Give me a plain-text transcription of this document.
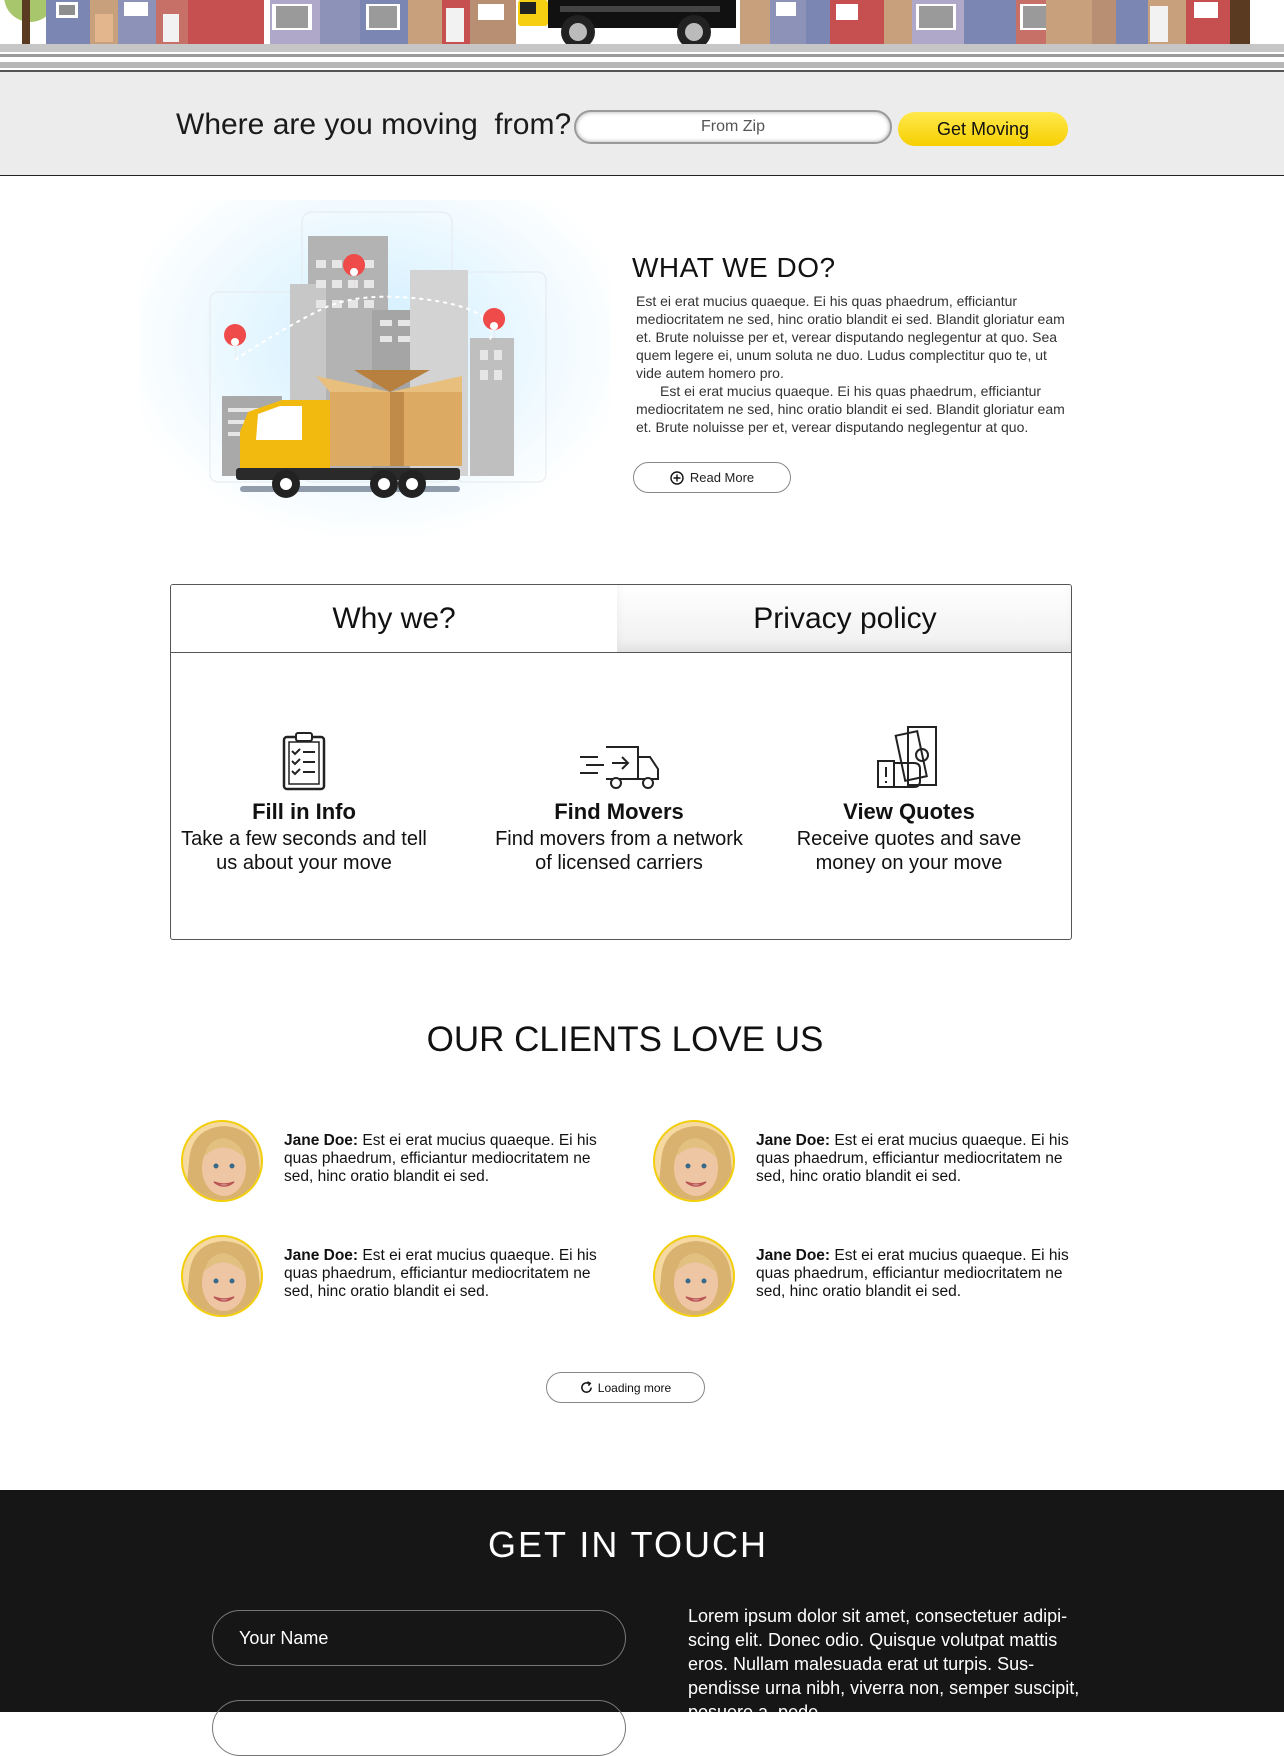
Where are you moving  from?
From Zip	Get Moving
WHAT WE DO?

Est ei erat mucius quaeque. Ei his quas phaedrum, efficiantur mediocritatem ne sed, hinc oratio blandit ei sed. Blandit gloriatur eam et. Brute noluisse per et, verear disputando neglegentur at quo. Sea quem legere ei, unum soluta ne duo. Ludus complectitur quo te, ut vide autem homero pro.

Est ei erat mucius quaeque. Ei his quas phaedrum, efficiantur mediocritatem ne sed, hinc oratio blandit ei sed. Blandit gloriatur eam et. Brute noluisse per et, verear disputando neglegentur at quo.

Read More
Why we?	Privacy policy
Fill in Info
Take a few seconds and tell us about your move
Find Movers
Find movers from a network of licensed carriers
View Quotes
Receive quotes and save money on your move
OUR CLIENTS LOVE US
Jane Doe: Est ei erat mucius quaeque. Ei his quas phaedrum, efficiantur mediocritatem ne sed, hinc oratio blandit ei sed.
Jane Doe: Est ei erat mucius quaeque. Ei his quas phaedrum, efficiantur mediocritatem ne sed, hinc oratio blandit ei sed.
Jane Doe: Est ei erat mucius quaeque. Ei his quas phaedrum, efficiantur mediocritatem ne sed, hinc oratio blandit ei sed.
Jane Doe: Est ei erat mucius quaeque. Ei his quas phaedrum, efficiantur mediocritatem ne sed, hinc oratio blandit ei sed.
Loading more
GET IN TOUCH
Your Name
Lorem ipsum dolor sit amet, consectetuer adipi-scing elit. Donec odio. Quisque volutpat mattis eros. Nullam malesuada erat ut turpis. Sus-pendisse urna nibh, viverra non, semper suscipit, posuere a, pede.
